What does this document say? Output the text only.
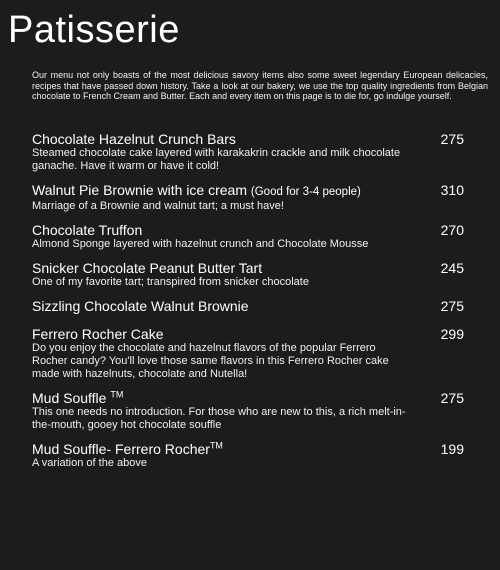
Patisserie
Our menu not only boasts of the most delicious savory items also some sweet legendary European delicacies, recipes that have passed down history. Take a look at our bakery, we use the top quality ingredients from Belgian chocolate to French Cream and Butter. Each and every item on this page is to die for, go indulge yourself.
Chocolate Hazelnut Crunch Bars	275
Steamed chocolate cake layered with karakakrin crackle and milk chocolate ganache. Have it warm or have it cold!
Walnut Pie Brownie with ice cream (Good for 3-4 people)	310
Marriage of a Brownie and walnut tart; a must have!
Chocolate Truffon	270
Almond Sponge layered with hazelnut crunch and Chocolate Mousse
Snicker Chocolate Peanut Butter Tart	245
One of my favorite tart; transpired from snicker chocolate
Sizzling Chocolate Walnut Brownie	275
Ferrero Rocher Cake	299
Do you enjoy the chocolate and hazelnut flavors of the popular Ferrero Rocher candy? You'll love those same flavors in this Ferrero Rocher cake made with hazelnuts, chocolate and Nutella!
Mud Souffle ™	275
This one needs no introduction. For those who are new to this, a rich melt-in-the-mouth, gooey hot chocolate souffle
Mud Souffle- Ferrero Rocher™	199
A variation of the above
